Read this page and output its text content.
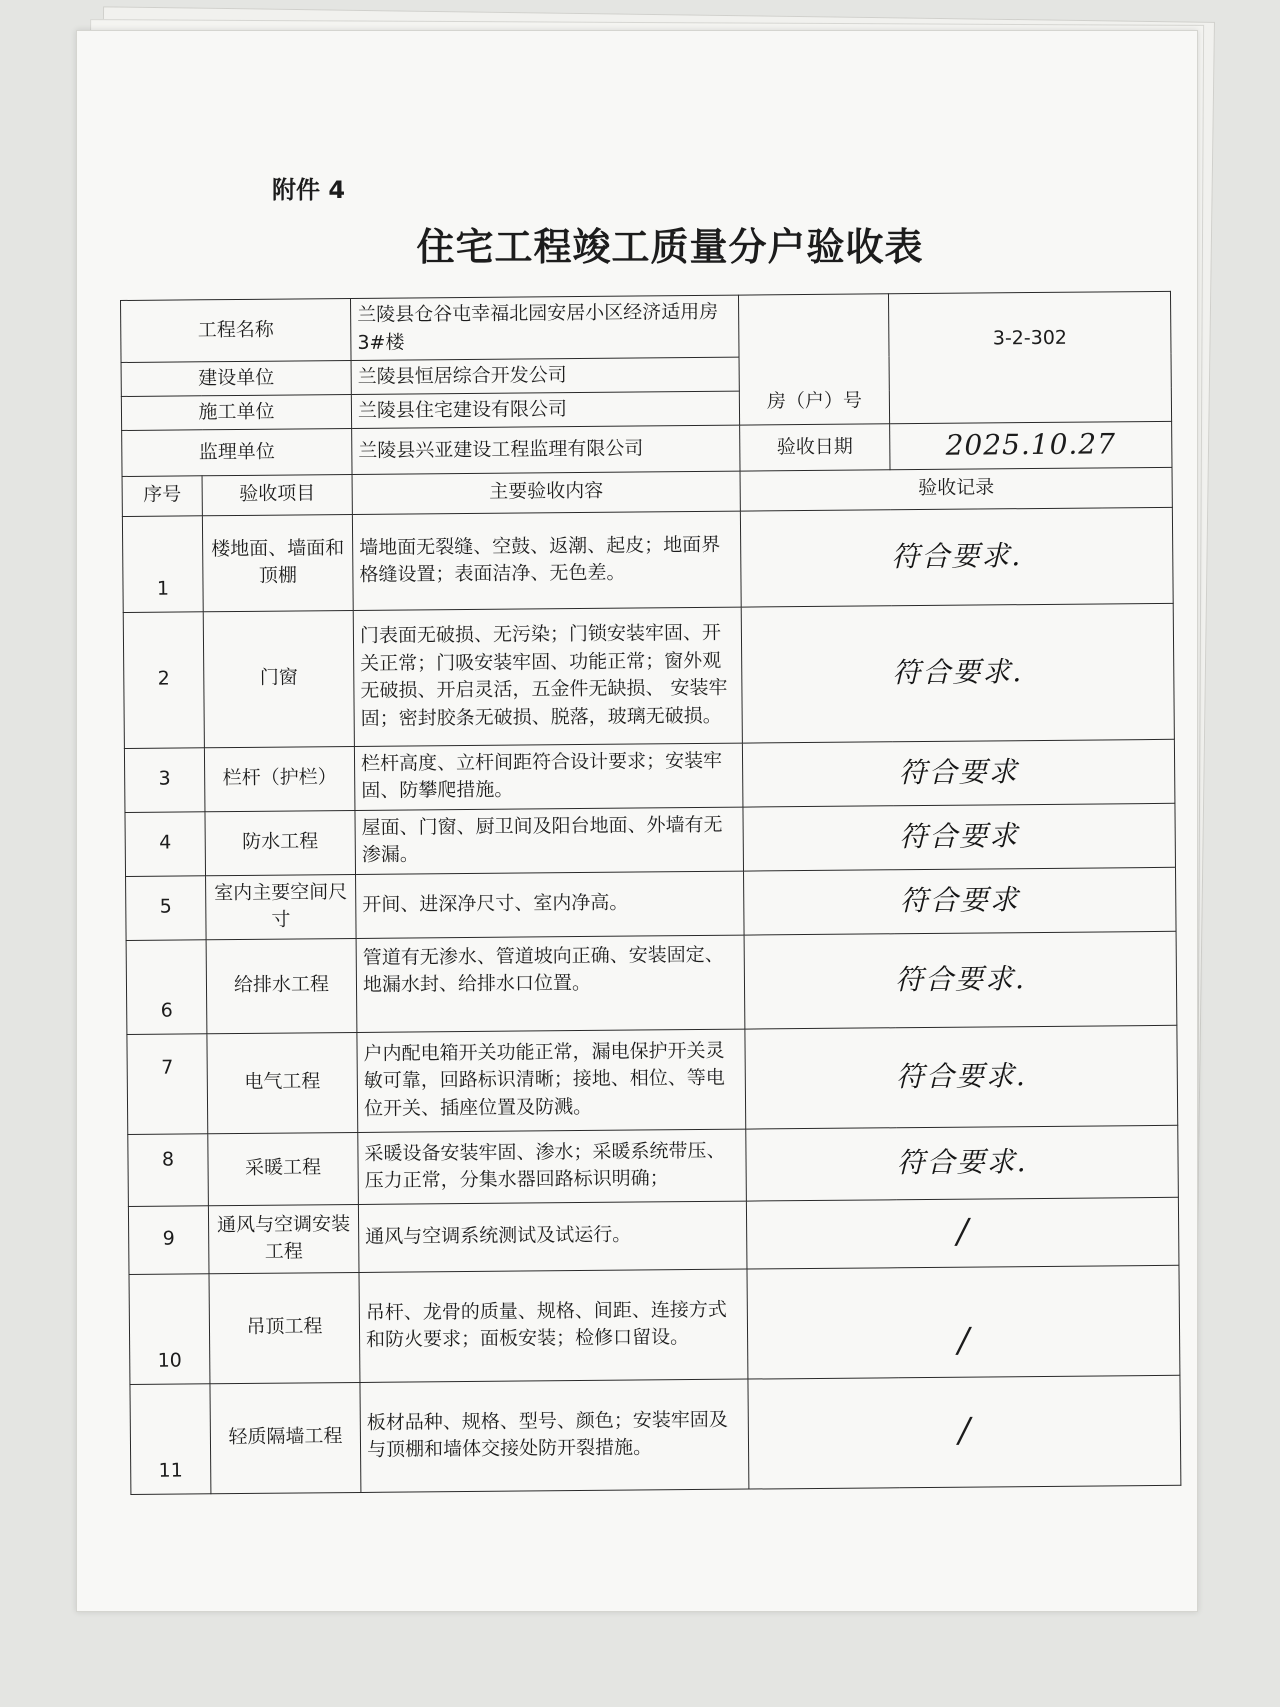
附件 4
住宅工程竣工质量分户验收表
工程名称		兰陵县仓谷屯幸福北园安居小区经济适用房3#楼	房（户）号	3-2-302
建设单位		兰陵县恒居综合开发公司		
施工单位		兰陵县住宅建设有限公司		
监理单位		兰陵县兴亚建设工程监理有限公司	验收日期	2025.10.27
序号	验收项目	主要验收内容	验收记录	
1	楼地面、墙面和顶棚	墙地面无裂缝、空鼓、返潮、起皮；地面界格缝设置；表面洁净、无色差。	符合要求.	
2	门窗	门表面无破损、无污染；门锁安装牢固、开关正常；门吸安装牢固、功能正常；窗外观无破损、开启灵活，五金件无缺损、 安装牢固；密封胶条无破损、脱落，玻璃无破损。	符合要求.	
3	栏杆（护栏）	栏杆高度、立杆间距符合设计要求；安装牢固、防攀爬措施。	符合要求	
4	防水工程	屋面、门窗、厨卫间及阳台地面、外墙有无渗漏。	符合要求	
5	室内主要空间尺寸	开间、进深净尺寸、室内净高。	符合要求	
6	给排水工程	管道有无渗水、管道坡向正确、安装固定、地漏水封、给排水口位置。	符合要求.	
7	电气工程	户内配电箱开关功能正常，漏电保护开关灵敏可靠，回路标识清晰；接地、相位、等电位开关、插座位置及防溅。	符合要求.	
8	采暖工程	采暖设备安装牢固、渗水；采暖系统带压、压力正常，分集水器回路标识明确；	符合要求.	
9	通风与空调安装工程	通风与空调系统测试及试运行。	/	
10	吊顶工程	吊杆、龙骨的质量、规格、间距、连接方式和防火要求；面板安装；检修口留设。	/	
11	轻质隔墙工程	板材品种、规格、型号、颜色；安装牢固及与顶棚和墙体交接处防开裂措施。	/	
